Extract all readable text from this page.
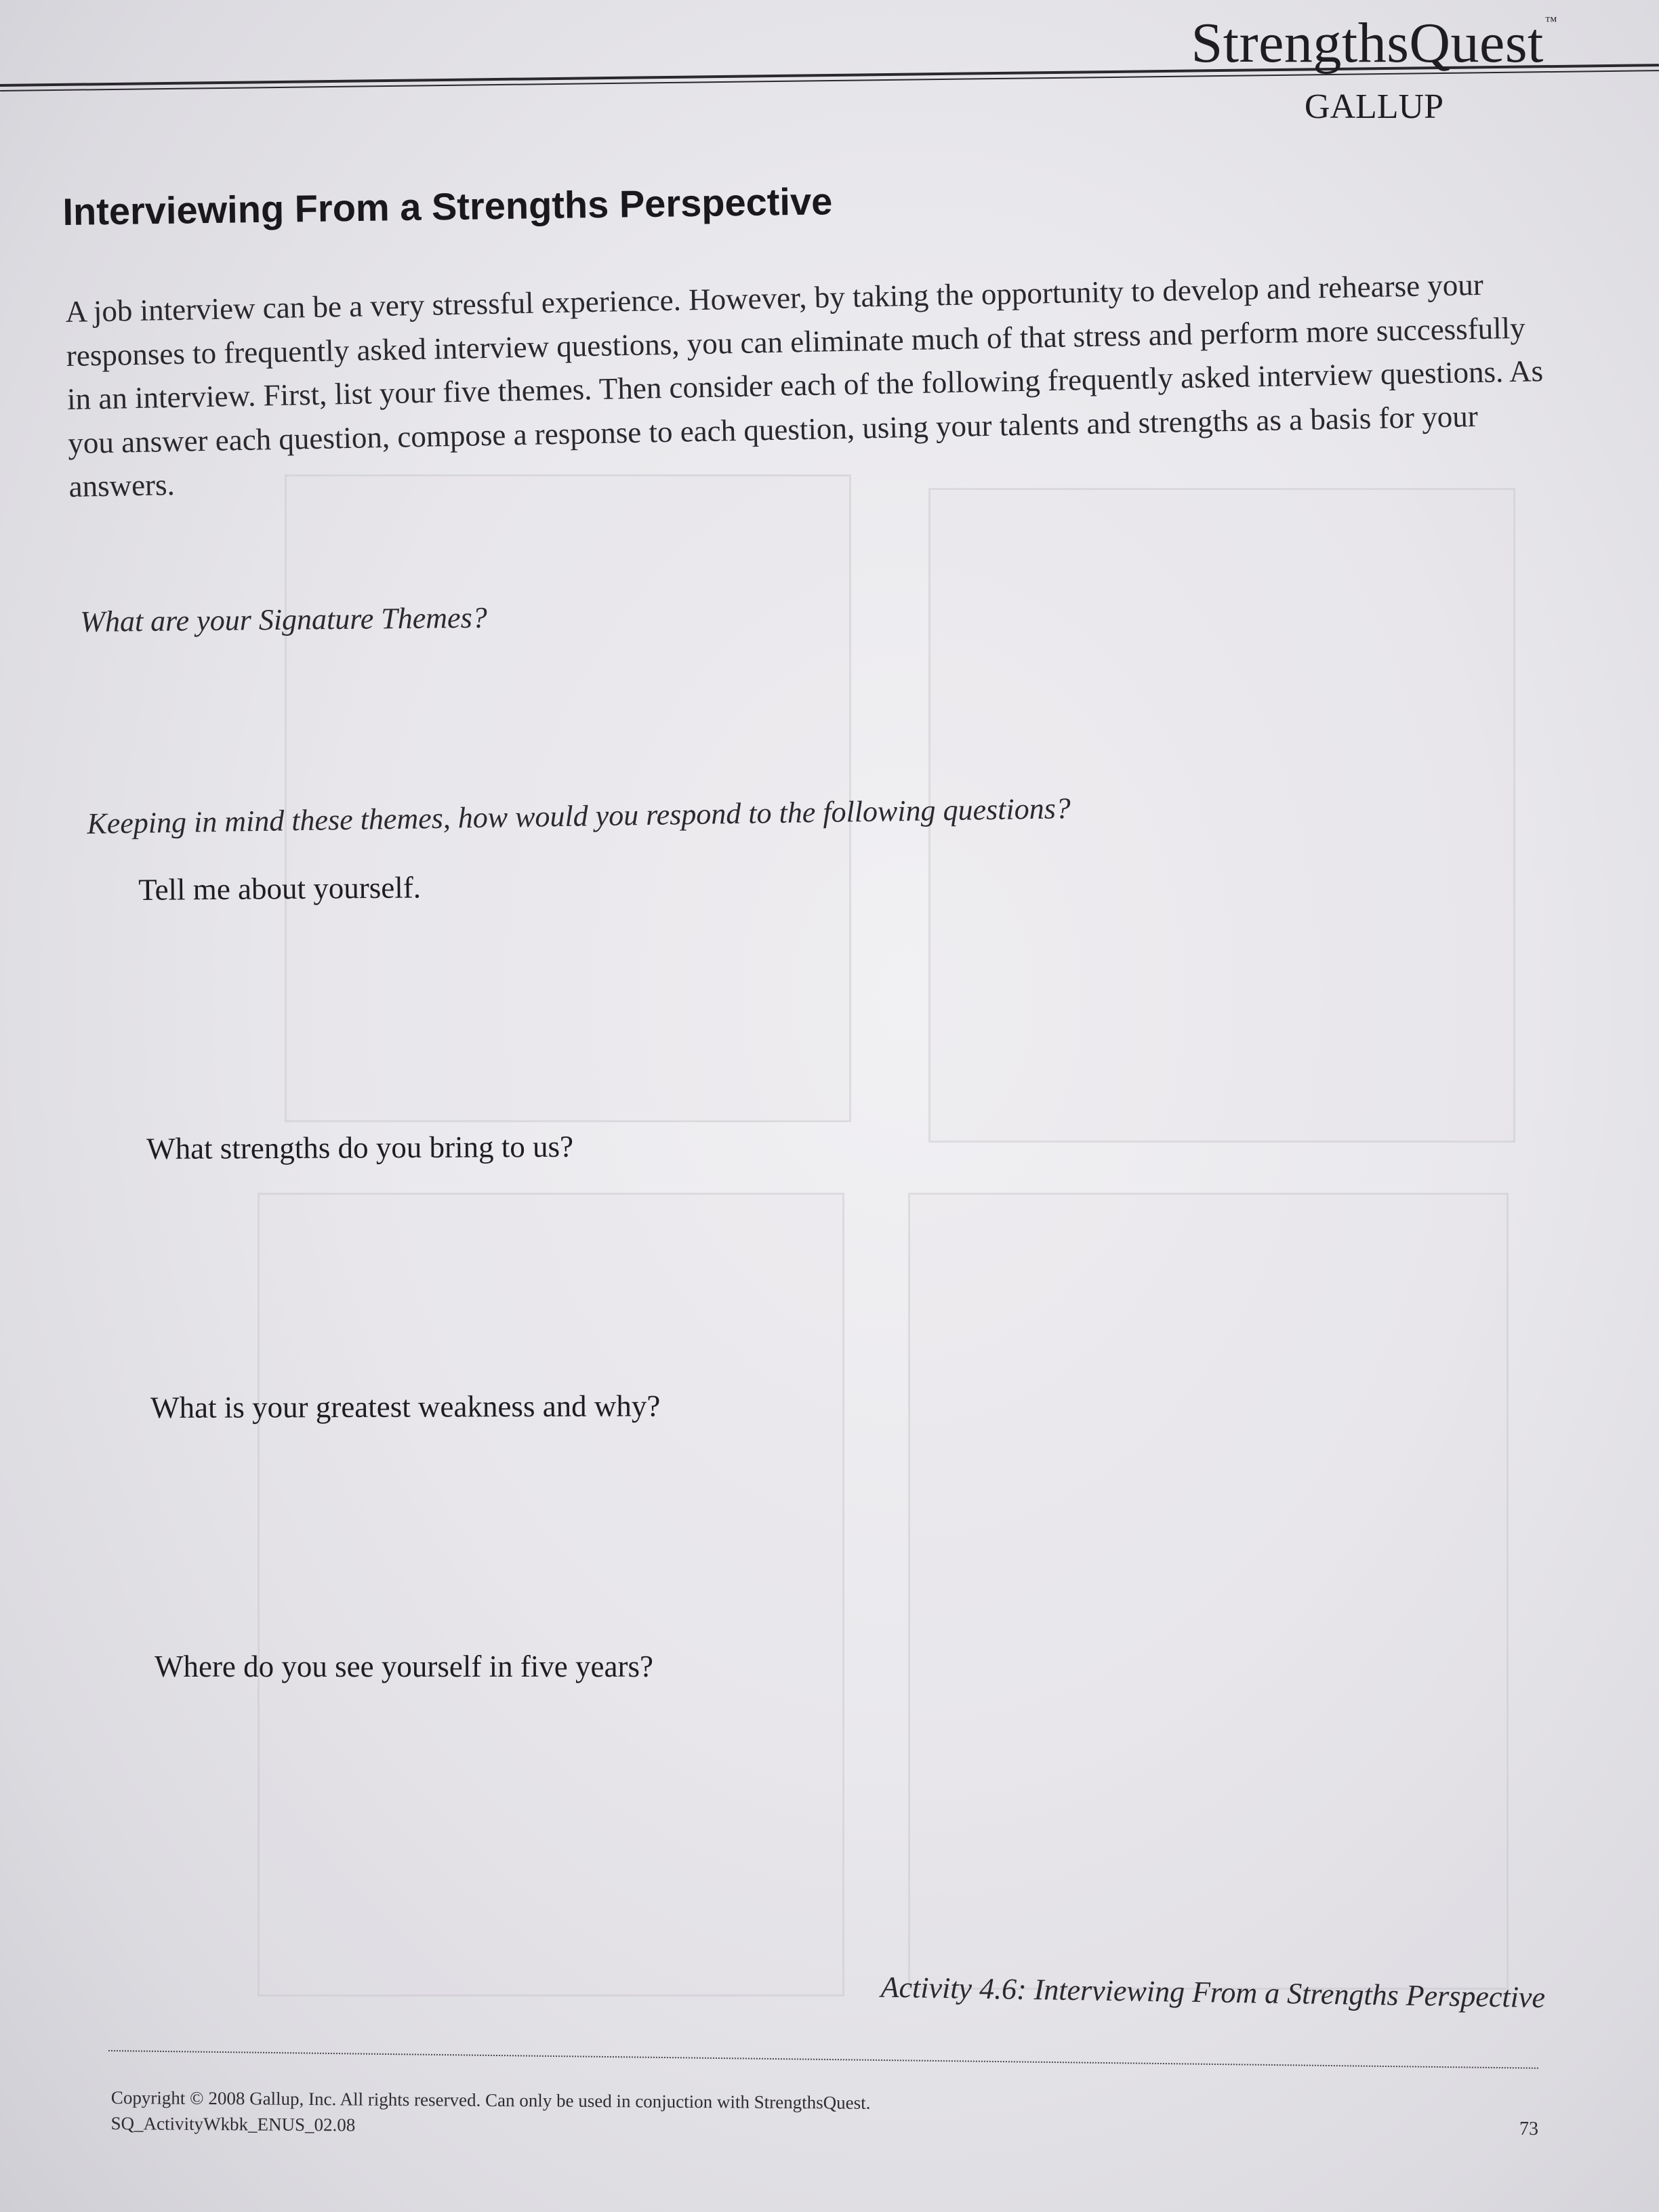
StrengthsQuest ™
GALLUP
Interviewing From a Strengths Perspective

A job interview can be a very stressful experience. However, by taking the opportunity to develop and rehearse your responses to frequently asked interview questions, you can eliminate much of that stress and perform more successfully in an interview. First, list your five themes. Then consider each of the following frequently asked interview questions. As you answer each question, compose a response to each question, using your talents and strengths as a basis for your answers.

What are your Signature Themes?
Keeping in mind these themes, how would you respond to the following questions?
Tell me about yourself.
What strengths do you bring to us?
What is your greatest weakness and why?
Where do you see yourself in five years?
Activity 4.6: Interviewing From a Strengths Perspective
Copyright © 2008 Gallup, Inc. All rights reserved. Can only be used in conjuction with StrengthsQuest.
SQ_ActivityWkbk_ENUS_02.08	73
